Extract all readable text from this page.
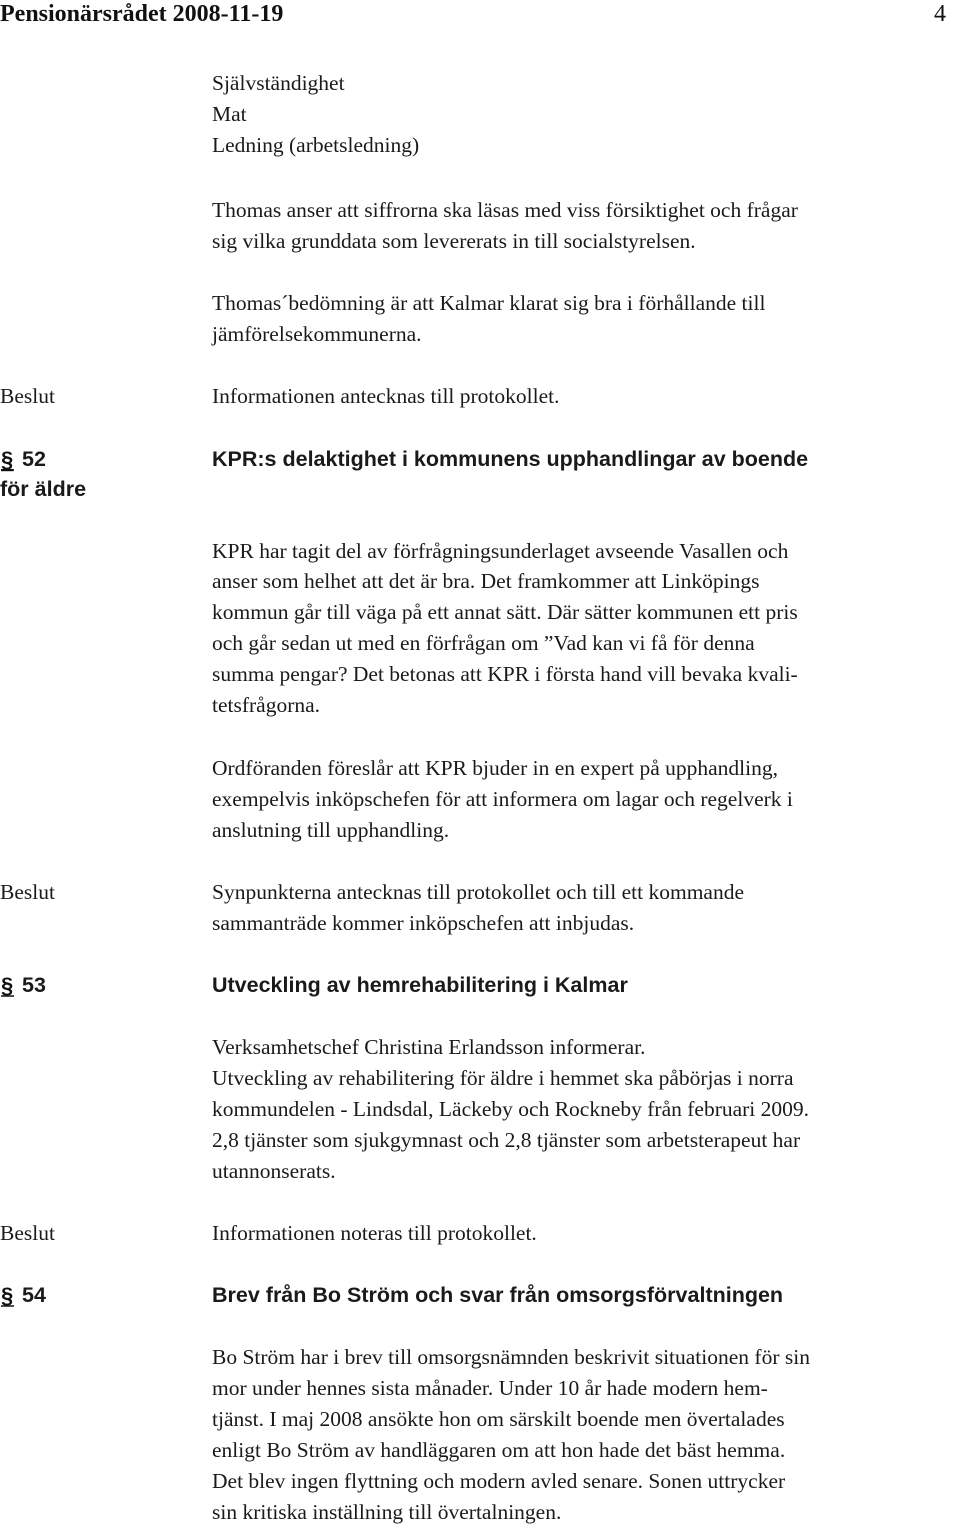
Pensionärsrådet 2008-11-19	4
Självständighet
Mat
Ledning (arbetsledning)
Thomas anser att siffrorna ska läsas med viss försiktighet och frågar
sig vilka grunddata som levererats in till socialstyrelsen.
Thomas´bedömning är att Kalmar klarat sig bra i förhållande till
jämförelsekommunerna.
Beslut	Informationen antecknas till protokollet.
§ 52	KPR:s delaktighet i kommunens upphandlingar av boende
för äldre
KPR har tagit del av förfrågningsunderlaget avseende Vasallen och
anser som helhet att det är bra. Det framkommer att Linköpings
kommun går till väga på ett annat sätt. Där sätter kommunen ett pris
och går sedan ut med en förfrågan om ”Vad kan vi få för denna
summa pengar? Det betonas att KPR i första hand vill bevaka kvali-
tetsfrågorna.
Ordföranden föreslår att KPR bjuder in en expert på upphandling,
exempelvis inköpschefen för att informera om lagar och regelverk i
anslutning till upphandling.
Beslut	Synpunkterna antecknas till protokollet och till ett kommande
sammanträde kommer inköpschefen att inbjudas.
§ 53	Utveckling av hemrehabilitering i Kalmar
Verksamhetschef Christina Erlandsson informerar.
Utveckling av rehabilitering för äldre i hemmet ska påbörjas i norra
kommundelen - Lindsdal, Läckeby och Rockneby från februari 2009.
2,8 tjänster som sjukgymnast och 2,8 tjänster som arbetsterapeut har
utannonserats.
Beslut	Informationen noteras till protokollet.
§ 54	Brev från Bo Ström och svar från omsorgsförvaltningen
Bo Ström har i brev till omsorgsnämnden beskrivit situationen för sin
mor under hennes sista månader. Under 10 år hade modern hem-
tjänst. I maj 2008 ansökte hon om särskilt boende men övertalades
enligt Bo Ström av handläggaren om att hon hade det bäst hemma.
Det blev ingen flyttning och modern avled senare. Sonen uttrycker
sin kritiska inställning till övertalningen.
